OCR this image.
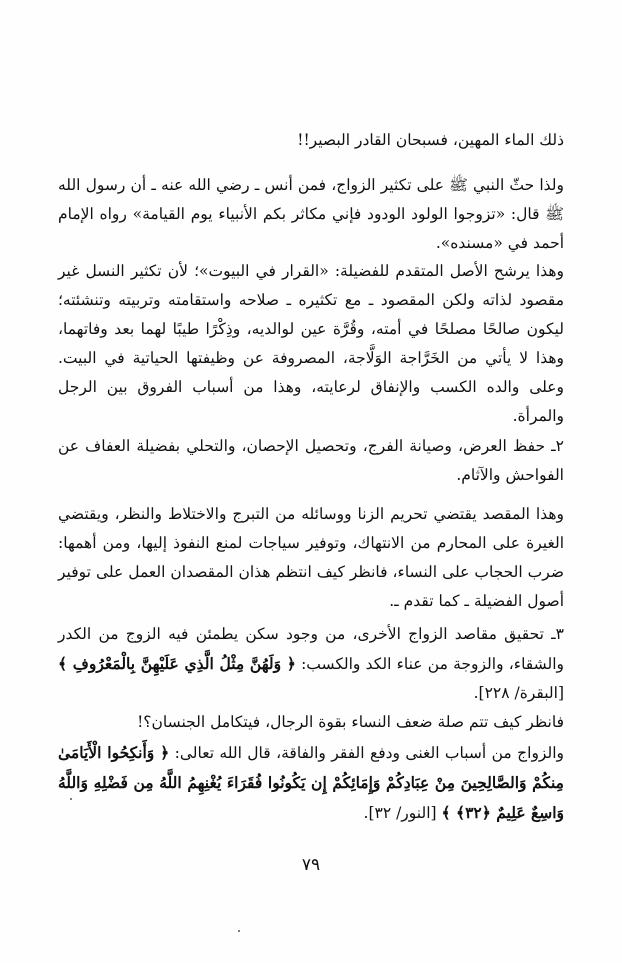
ذلك الماء المهين، فسبحان القادر البصير!!

ولذا حثّ النبي ﷺ على تكثير الزواج، فمن أنس ـ رضي الله عنه ـ أن رسول الله ﷺ قال: «تزوجوا الولود الودود فإني مكاثر بكم الأنبياء يوم القيامة» رواه الإمام أحمد في «مسنده».

وهذا يرشح الأصل المتقدم للفضيلة: «القرار في البيوت»؛ لأن تكثير النسل غير مقصود لذاته ولكن المقصود ـ مع تكثيره ـ صلاحه واستقامته وتربيته وتنشئته؛ ليكون صالحًا مصلحًا في أمته، وقُرَّة عين لوالديه، وذِكْرًا طيبًا لهما بعد وفاتهما، وهذا لا يأتي من الخَرَّاجة الوَلَّاجة، المصروفة عن وظيفتها الحياتية في البيت. وعلى والده الكسب والإنفاق لرعايته، وهذا من أسباب الفروق بين الرجل والمرأة.

٢ـ حفظ العرض، وصيانة الفرج، وتحصيل الإحصان، والتحلي بفضيلة العفاف عن الفواحش والآثام.

وهذا المقصد يقتضي تحريم الزنا ووسائله من التبرج والاختلاط والنظر، ويقتضي الغيرة على المحارم من الانتهاك، وتوفير سياجات لمنع النفوذ إليها، ومن أهمها: ضرب الحجاب على النساء، فانظر كيف انتظم هذان المقصدان العمل على توفير أصول الفضيلة ـ كما تقدم ـ.

٣ـ تحقيق مقاصد الزواج الأخرى، من وجود سكن يطمئن فيه الزوج من الكدر والشقاء، والزوجة من عناء الكد والكسب: ﴿ وَلَهُنَّ مِثْلُ الَّذِي عَلَيْهِنَّ بِالْمَعْرُوفِ ﴾ [البقرة/ ٢٢٨].

فانظر كيف تتم صلة ضعف النساء بقوة الرجال، فيتكامل الجنسان؟!

والزواج من أسباب الغنى ودفع الفقر والفاقة، قال الله تعالى: ﴿ وَأَنكِحُوا الْأَيَامَىٰ مِنكُمْ وَالصَّالِحِينَ مِنْ عِبَادِكُمْ وَإِمَائِكُمْ إِن يَكُونُوا فُقَرَاءَ يُغْنِهِمُ اللَّهُ مِن فَضْلِهِ وَاللَّهُ وَاسِعٌ عَلِيمٌ ﴿٣٢﴾ ﴾ [النور/ ٣٢].

٧٩
